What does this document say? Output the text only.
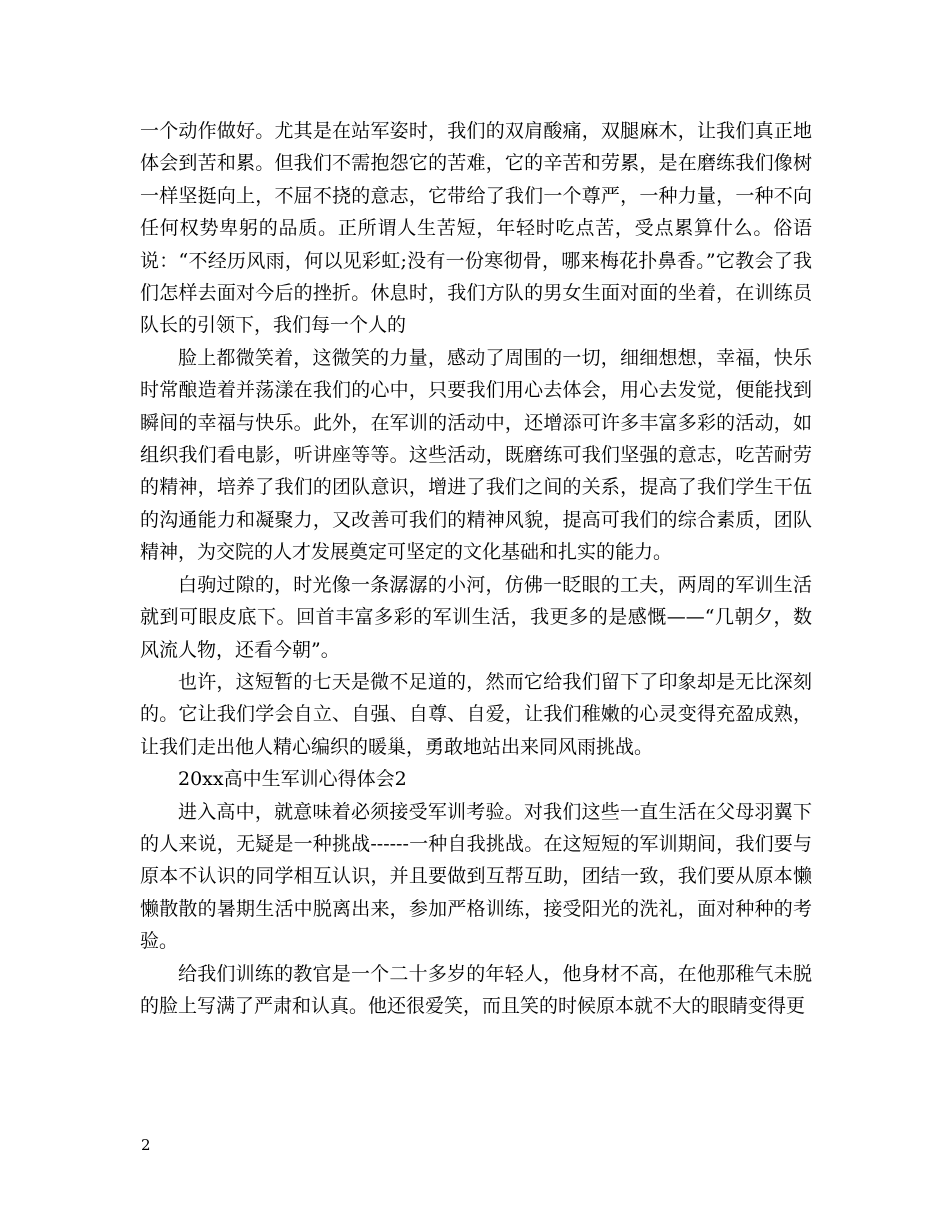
一个动作做好。尤其是在站军姿时，我们的双肩酸痛，双腿麻木，让我们真正地体会到苦和累。但我们不需抱怨它的苦难，它的辛苦和劳累，是在磨练我们像树一样坚挺向上，不屈不挠的意志，它带给了我们一个尊严，一种力量，一种不向任何权势卑躬的品质。正所谓人生苦短，年轻时吃点苦，受点累算什么。俗语说：“不经历风雨，何以见彩虹;没有一份寒彻骨，哪来梅花扑鼻香。”它教会了我们怎样去面对今后的挫折。休息时，我们方队的男女生面对面的坐着，在训练员队长的引领下，我们每一个人的

脸上都微笑着，这微笑的力量，感动了周围的一切，细细想想，幸福，快乐时常酿造着并荡漾在我们的心中，只要我们用心去体会，用心去发觉，便能找到瞬间的幸福与快乐。此外，在军训的活动中，还增添可许多丰富多彩的活动，如组织我们看电影，听讲座等等。这些活动，既磨练可我们坚强的意志，吃苦耐劳的精神，培养了我们的团队意识，增进了我们之间的关系，提高了我们学生干伍的沟通能力和凝聚力，又改善可我们的精神风貌，提高可我们的综合素质，团队精神，为交院的人才发展奠定可坚定的文化基础和扎实的能力。

白驹过隙的，时光像一条潺潺的小河，仿佛一眨眼的工夫，两周的军训生活就到可眼皮底下。回首丰富多彩的军训生活，我更多的是感慨——“几朝夕，数风流人物，还看今朝”。

也许，这短暂的七天是微不足道的，然而它给我们留下了印象却是无比深刻的。它让我们学会自立、自强、自尊、自爱，让我们稚嫩的心灵变得充盈成熟，让我们走出他人精心编织的暖巢，勇敢地站出来同风雨挑战。

20xx高中生军训心得体会2

进入高中，就意味着必须接受军训考验。对我们这些一直生活在父母羽翼下的人来说，无疑是一种挑战------一种自我挑战。在这短短的军训期间，我们要与原本不认识的同学相互认识，并且要做到互帮互助，团结一致，我们要从原本懒懒散散的暑期生活中脱离出来，参加严格训练，接受阳光的洗礼，面对种种的考验。

给我们训练的教官是一个二十多岁的年轻人，他身材不高，在他那稚气未脱的脸上写满了严肃和认真。他还很爱笑，而且笑的时候原本就不大的眼睛变得更

2
